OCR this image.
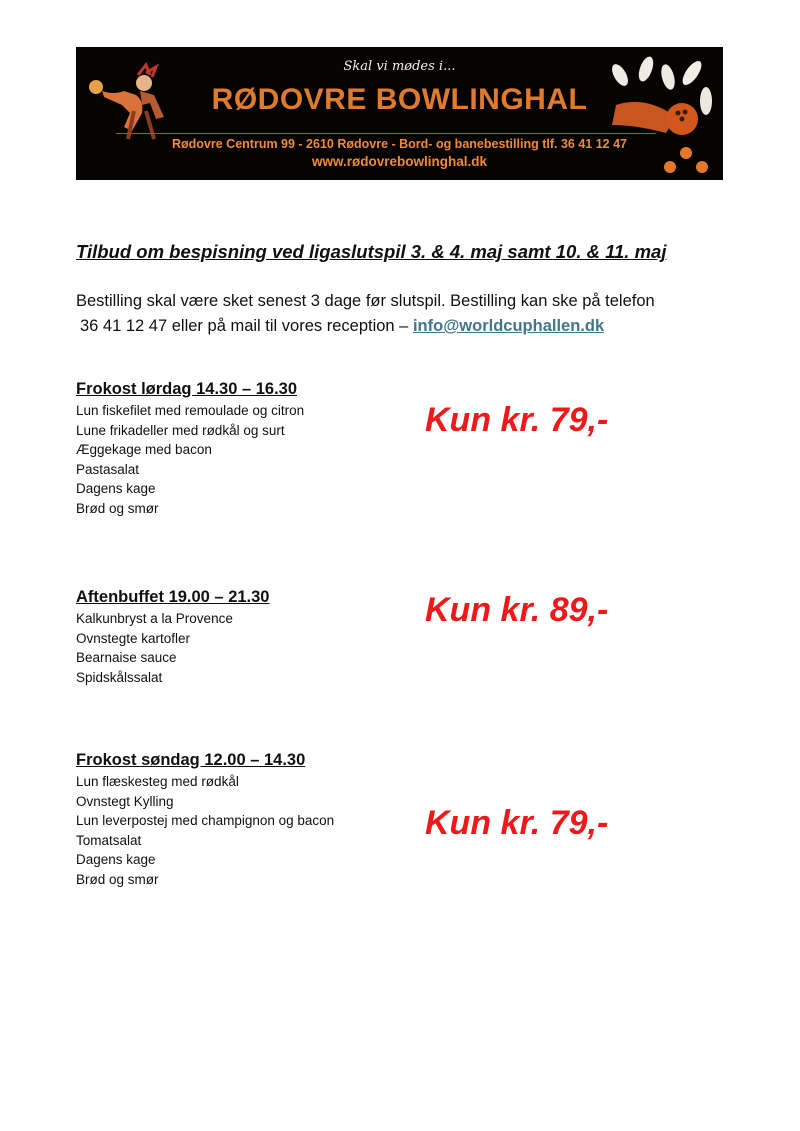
Skal vi mødes i...
RØDOVRE BOWLINGHAL
Rødovre Centrum 99 - 2610 Rødovre - Bord- og banebestilling tlf. 36 41 12 47
www.rødovrebowlinghal.dk
Tilbud om bespisning ved ligaslutspil 3. & 4. maj samt 10. & 11. maj
Bestilling skal være sket senest 3 dage før slutspil. Bestilling kan ske på telefon
36 41 12 47 eller på mail til vores reception – info@worldcuphallen.dk
Frokost lørdag 14.30 – 16.30
Lun fiskefilet med remoulade og citron
Lune frikadeller med rødkål og surt
Æggekage med bacon
Pastasalat
Dagens kage
Brød og smør
Kun kr. 79,-
Aftenbuffet 19.00 – 21.30
Kalkunbryst a la Provence
Ovnstegte kartofler
Bearnaise sauce
Spidskålssalat
Kun kr. 89,-
Frokost søndag 12.00 – 14.30
Lun flæskesteg med rødkål
Ovnstegt Kylling
Lun leverpostej med champignon og bacon
Tomatsalat
Dagens kage
Brød og smør
Kun kr. 79,-
